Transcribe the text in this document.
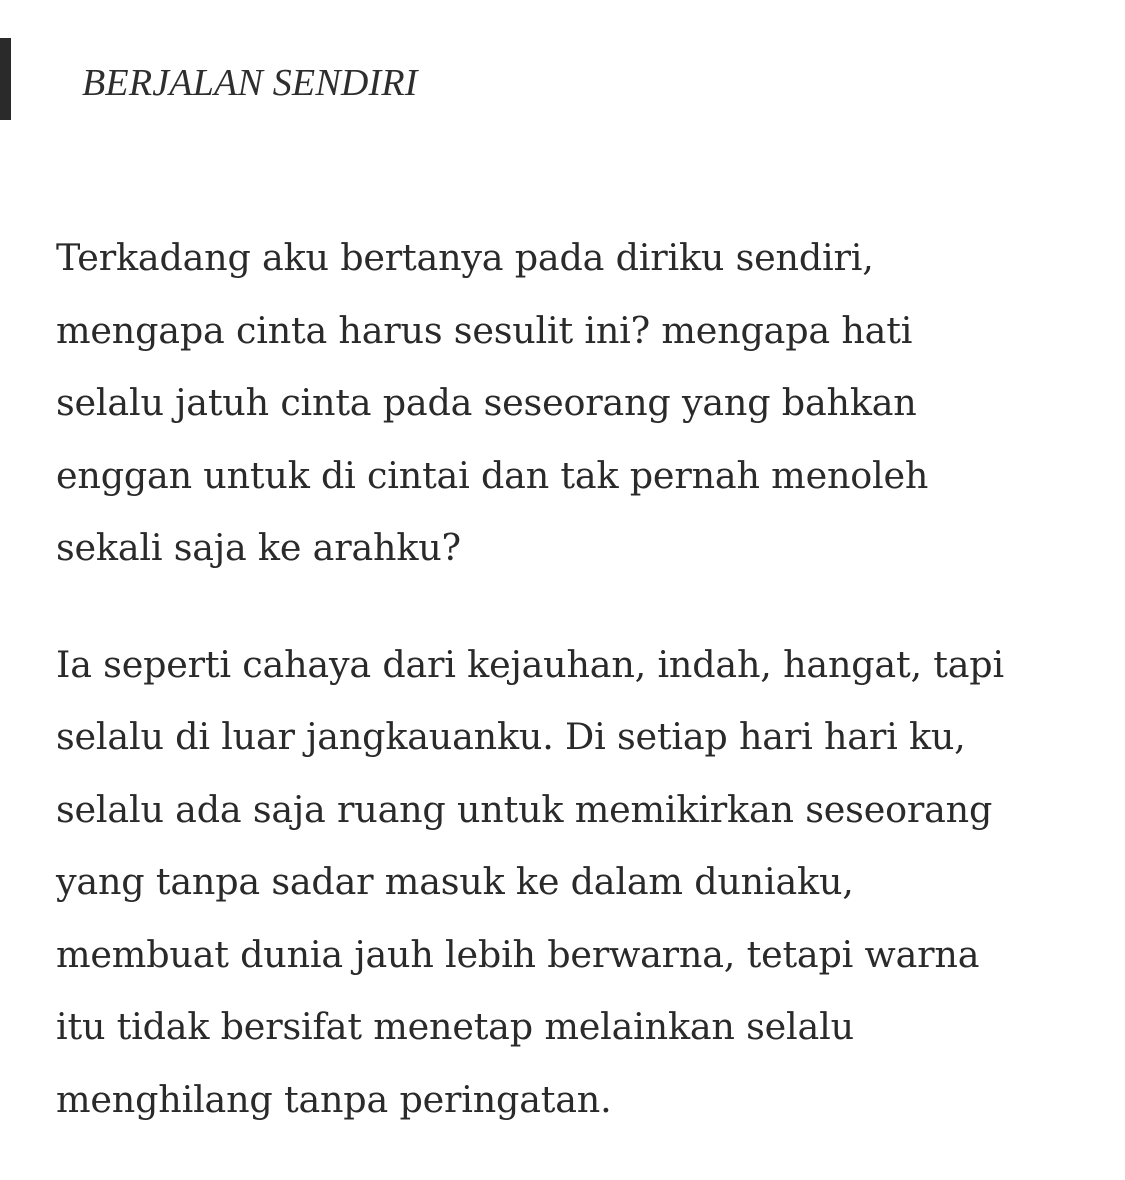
BERJALAN SENDIRI
Terkadang aku bertanya pada diriku sendiri,
mengapa cinta harus sesulit ini? mengapa hati
selalu jatuh cinta pada seseorang yang bahkan
enggan untuk di cintai dan tak pernah menoleh
sekali saja ke arahku?
Ia seperti cahaya dari kejauhan, indah, hangat, tapi
selalu di luar jangkauanku. Di setiap hari hari ku,
selalu ada saja ruang untuk memikirkan seseorang
yang tanpa sadar masuk ke dalam duniaku,
membuat dunia jauh lebih berwarna, tetapi warna
itu tidak bersifat menetap melainkan selalu
menghilang tanpa peringatan.
